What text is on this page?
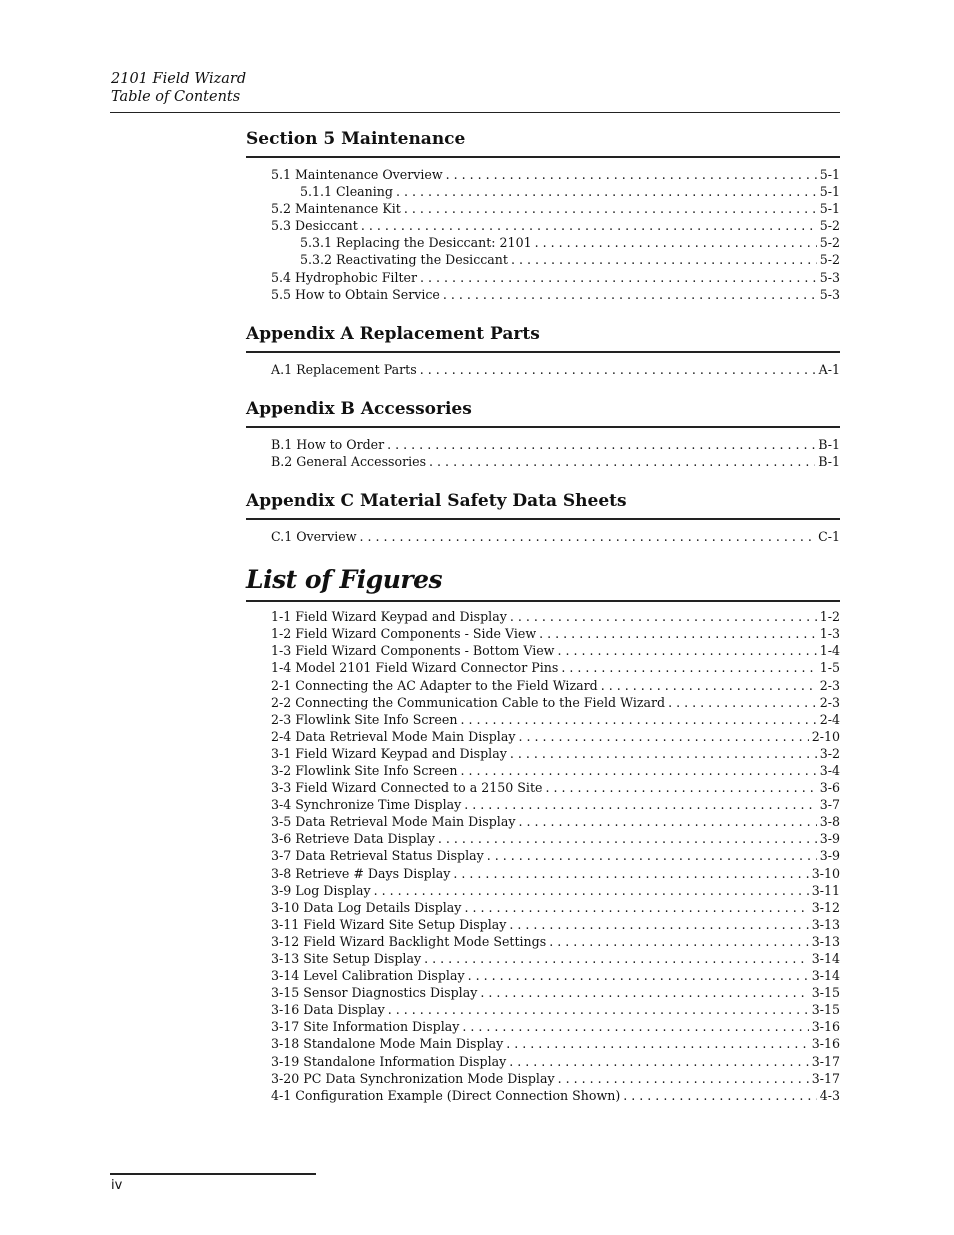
2101 Field Wizard
Table of Contents
Section 5 Maintenance
5.1 Maintenance Overview . . .	5-1
5.1.1 Cleaning . . .	5-1
5.2 Maintenance Kit . . .	5-1
5.3 Desiccant . . .	5-2
5.3.1 Replacing the Desiccant: 2101 . . .	5-2
5.3.2 Reactivating the Desiccant . . .	5-2
5.4 Hydrophobic Filter . . .	5-3
5.5 How to Obtain Service . . .	5-3
Appendix A Replacement Parts
A.1 Replacement Parts . . .	A-1
Appendix B Accessories
B.1 How to Order . . .	B-1
B.2 General Accessories . . .	B-1
Appendix C Material Safety Data Sheets
C.1 Overview . . .	C-1
List of Figures
1-1 Field Wizard Keypad and Display . . .	1-2
1-2 Field Wizard Components - Side View . . .	1-3
1-3 Field Wizard Components - Bottom View . . .	1-4
1-4 Model 2101 Field Wizard Connector Pins . . .	1-5
2-1 Connecting the AC Adapter to the Field Wizard . . .	2-3
2-2 Connecting the Communication Cable to the Field Wizard . . .	2-3
2-3 Flowlink Site Info Screen . . .	2-4
2-4 Data Retrieval Mode Main Display . . .	2-10
3-1 Field Wizard Keypad and Display . . .	3-2
3-2 Flowlink Site Info Screen . . .	3-4
3-3 Field Wizard Connected to a 2150 Site . . .	3-6
3-4 Synchronize Time Display . . .	3-7
3-5 Data Retrieval Mode Main Display . . .	3-8
3-6 Retrieve Data Display . . .	3-9
3-7 Data Retrieval Status Display . . .	3-9
3-8 Retrieve # Days Display . . .	3-10
3-9 Log Display . . .	3-11
3-10 Data Log Details Display . . .	3-12
3-11 Field Wizard Site Setup Display . . .	3-13
3-12 Field Wizard Backlight Mode Settings . . .	3-13
3-13 Site Setup Display . . .	3-14
3-14 Level Calibration Display . . .	3-14
3-15 Sensor Diagnostics Display . . .	3-15
3-16 Data Display . . .	3-15
3-17 Site Information Display . . .	3-16
3-18 Standalone Mode Main Display . . .	3-16
3-19 Standalone Information Display . . .	3-17
3-20 PC Data Synchronization Mode Display . . .	3-17
4-1 Configuration Example (Direct Connection Shown) . . .	4-3
iv
